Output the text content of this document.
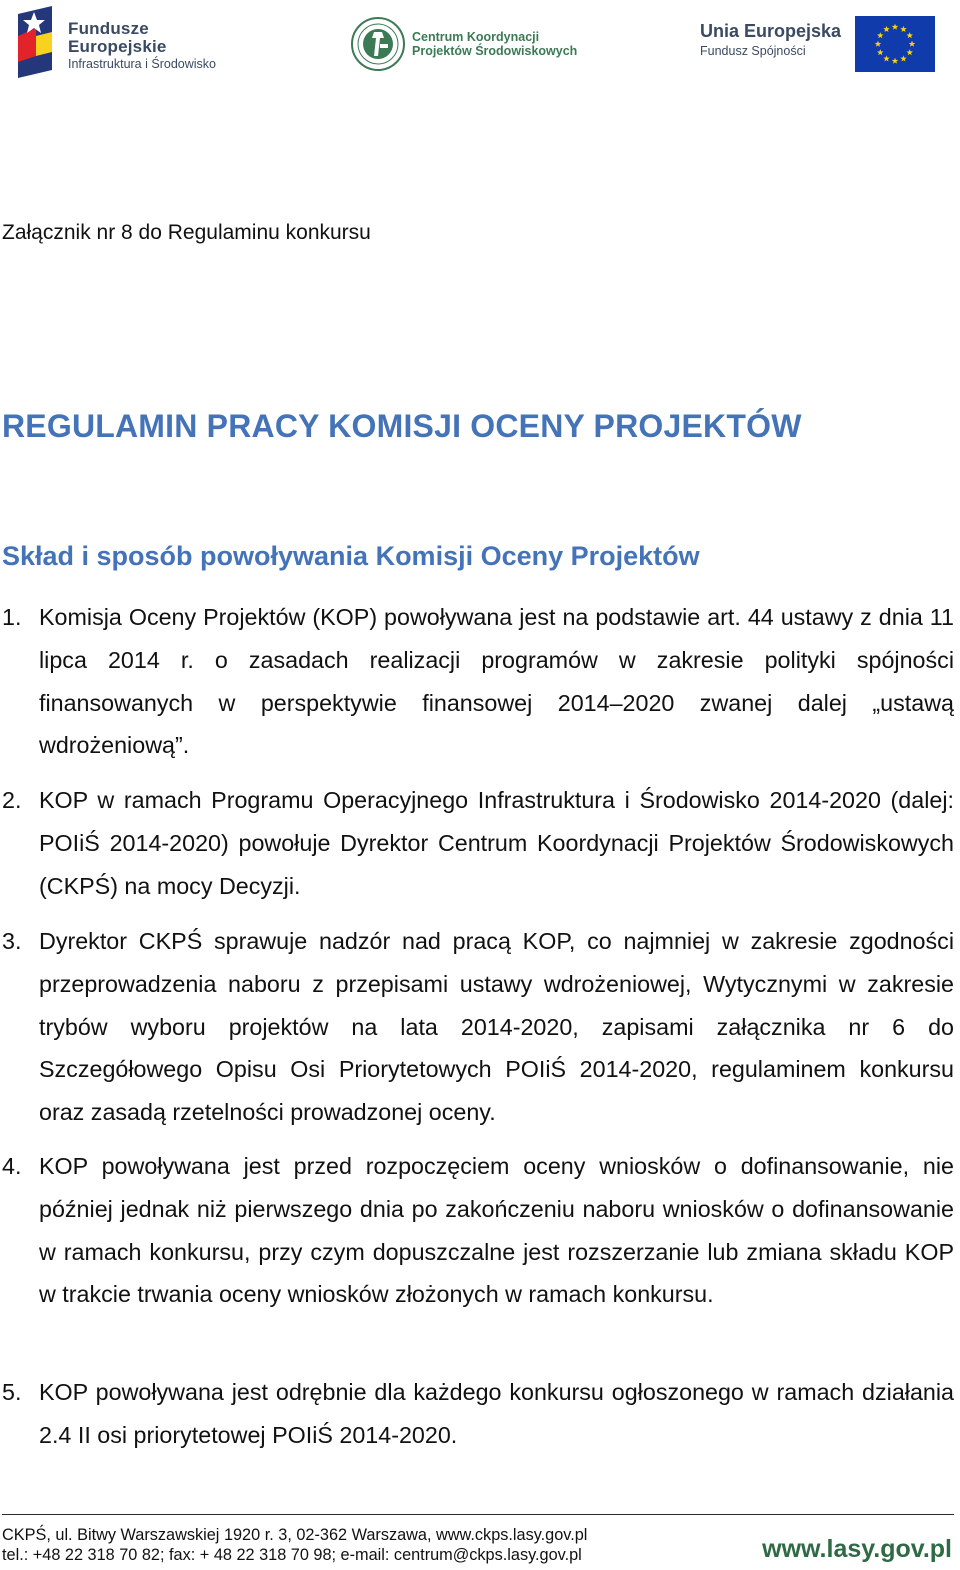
Fundusze
Europejskie
Infrastruktura i Środowisko
Centrum Koordynacji
Projektów Środowiskowych
Unia Europejska
Fundusz Spójności
Załącznik nr 8 do Regulaminu konkursu
REGULAMIN PRACY KOMISJI OCENY PROJEKTÓW
Skład i sposób powoływania Komisji Oceny Projektów
1. Komisja Oceny Projektów (KOP) powoływana jest na podstawie art. 44 ustawy z dnia 11 lipca 2014 r. o zasadach realizacji programów w zakresie polityki spójności finansowanych w perspektywie finansowej 2014–2020 zwanej dalej „ustawą wdrożeniową”.
2. KOP w ramach Programu Operacyjnego Infrastruktura i Środowisko 2014-2020 (dalej: POIiŚ 2014-2020) powołuje Dyrektor Centrum Koordynacji Projektów Środowiskowych (CKPŚ) na mocy Decyzji.
3. Dyrektor CKPŚ sprawuje nadzór nad pracą KOP, co najmniej w zakresie zgodności przeprowadzenia naboru z przepisami ustawy wdrożeniowej, Wytycznymi w zakresie trybów wyboru projektów na lata 2014-2020, zapisami załącznika nr 6 do Szczegółowego Opisu Osi Priorytetowych POIiŚ 2014-2020, regulaminem konkursu oraz zasadą rzetelności prowadzonej oceny.
4. KOP powoływana jest przed rozpoczęciem oceny wniosków o dofinansowanie, nie później jednak niż pierwszego dnia po zakończeniu naboru wniosków o dofinansowanie w ramach konkursu, przy czym dopuszczalne jest rozszerzanie lub zmiana składu KOP w trakcie trwania oceny wniosków złożonych w ramach konkursu.
5. KOP powoływana jest odrębnie dla każdego konkursu ogłoszonego w ramach działania 2.4 II osi priorytetowej POIiŚ 2014-2020.
CKPŚ, ul. Bitwy Warszawskiej 1920 r. 3, 02-362 Warszawa, www.ckps.lasy.gov.pl
tel.: +48 22 318 70 82; fax: + 48 22 318 70 98; e-mail: centrum@ckps.lasy.gov.pl	www.lasy.gov.pl
